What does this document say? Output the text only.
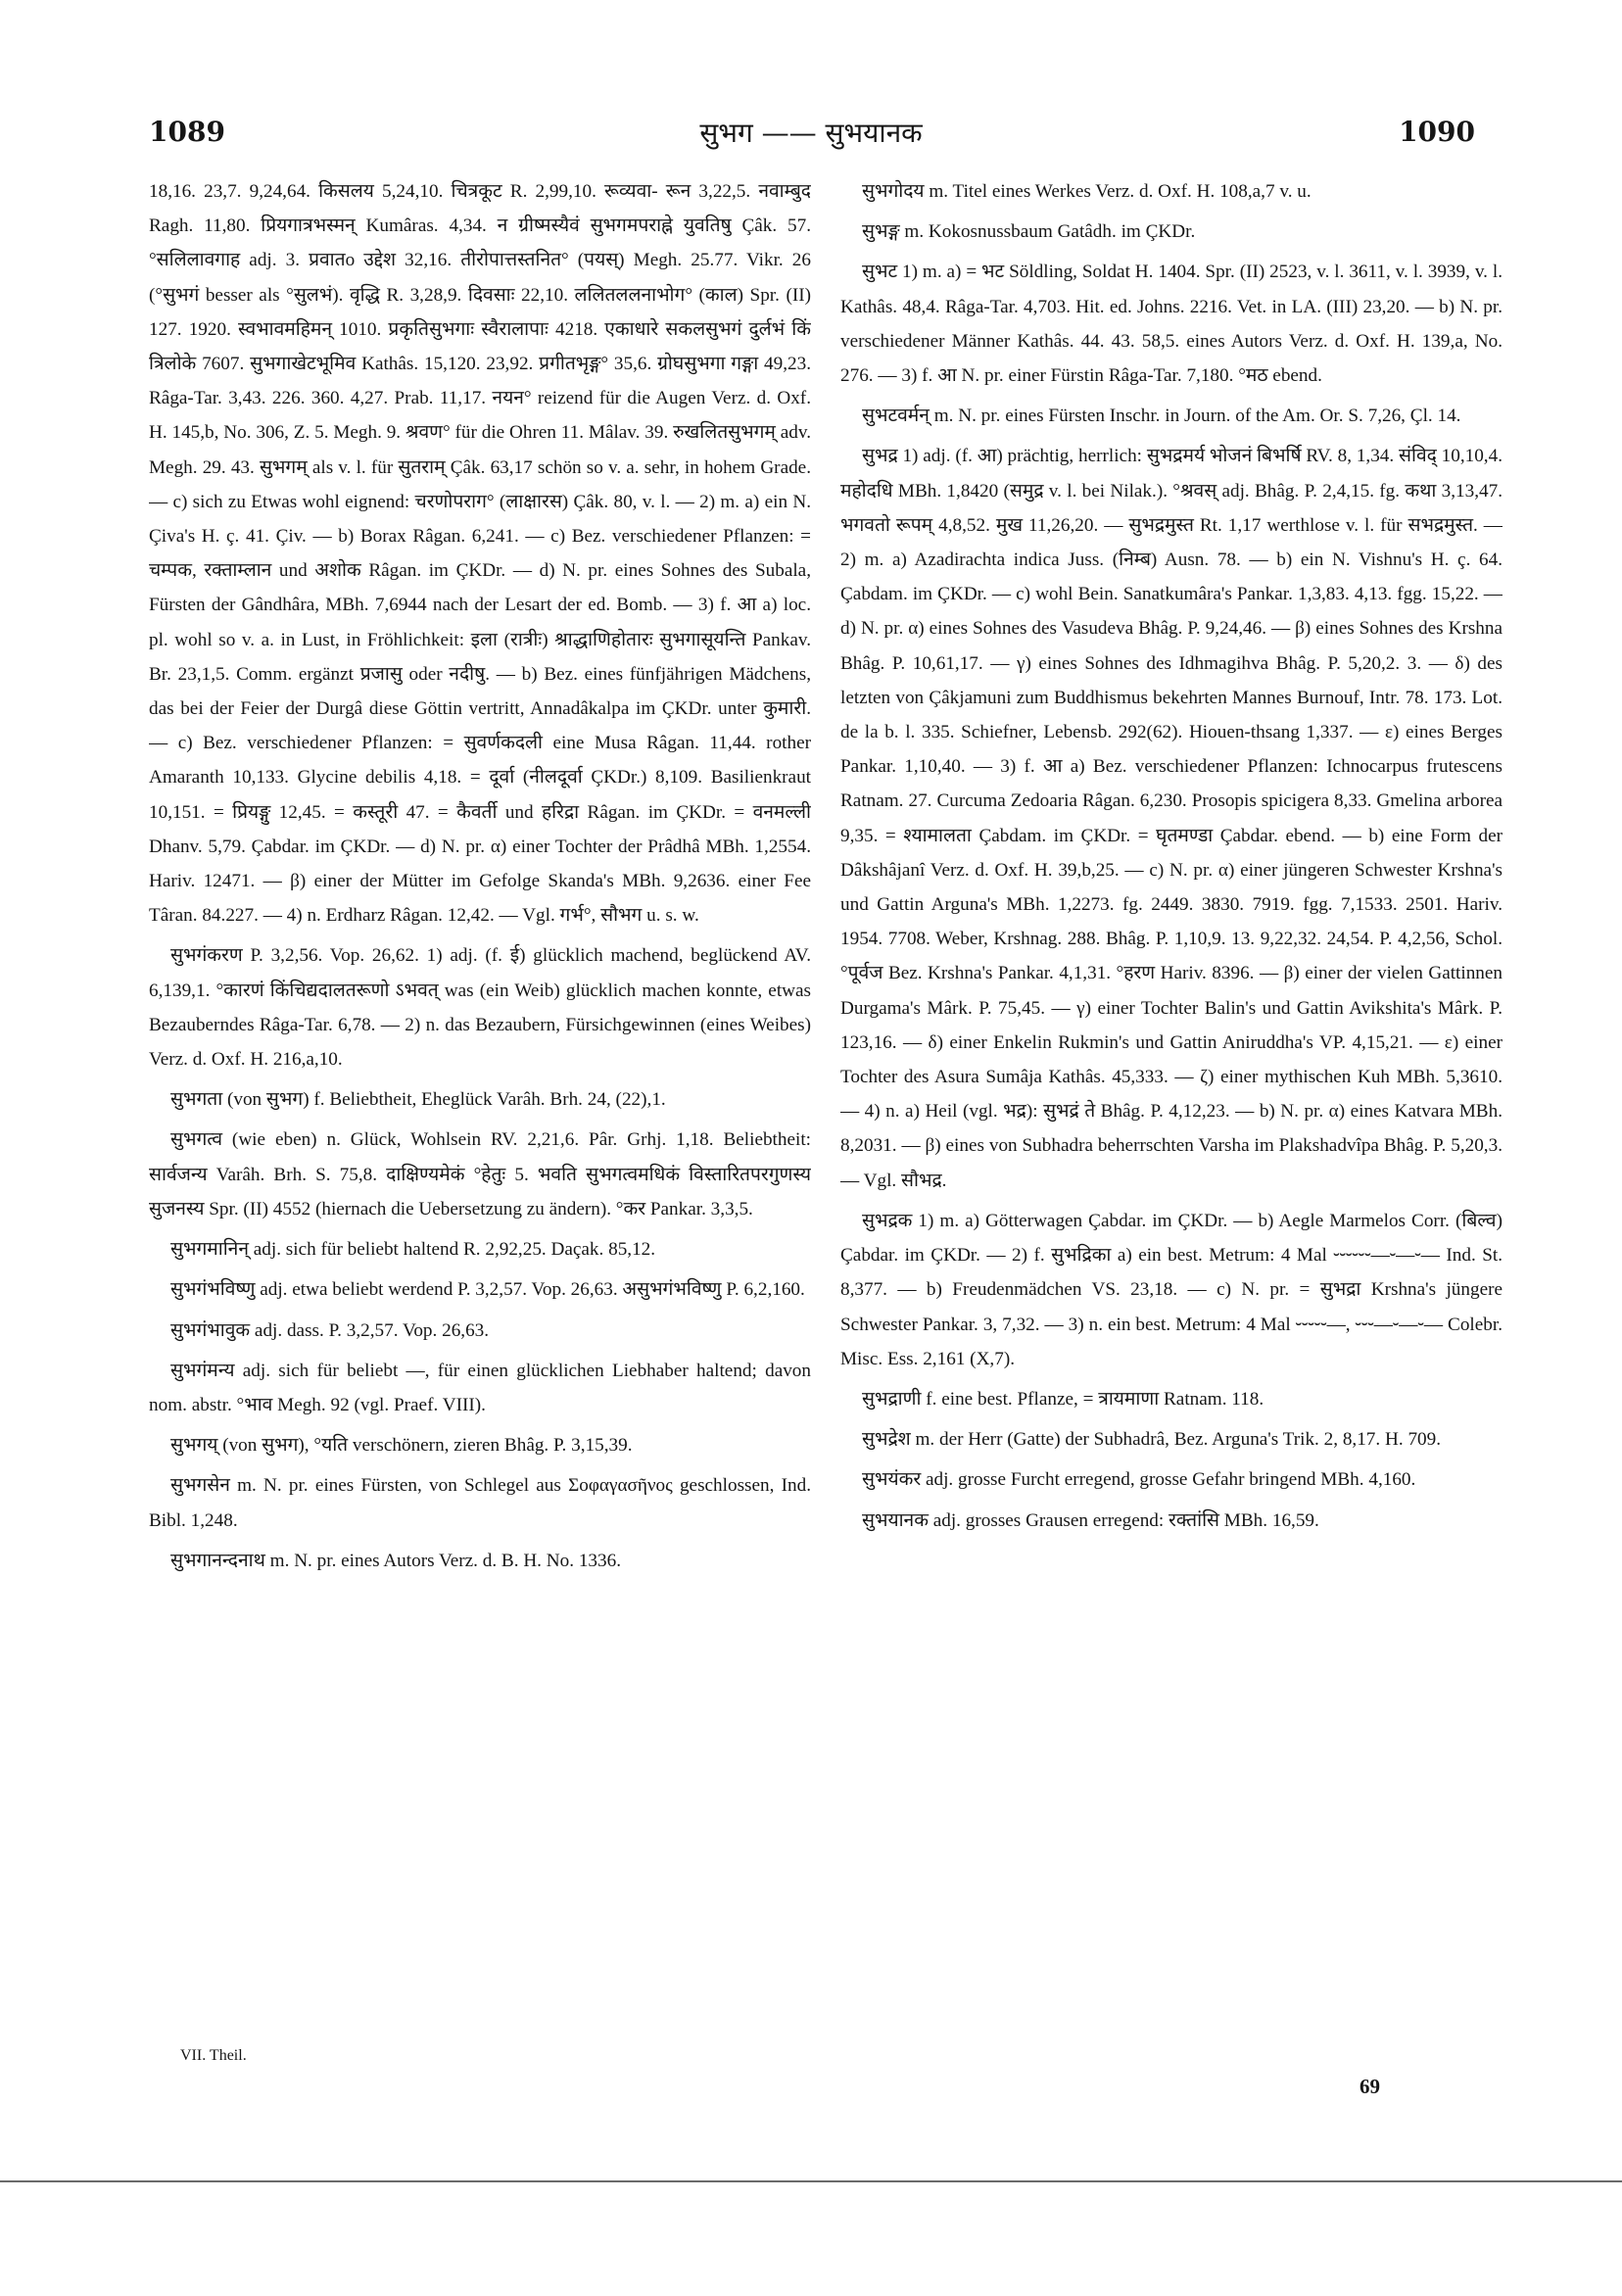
1089	सुभग —— सुभयानक	1090

18,16. 23,7. 9,24,64. किसलय 5,24,10. चित्रकूट R. 2,99,10. रूव्यवा- रून 3,22,5. नवाम्बुद Ragh. 11,80. प्रियगात्रभस्मन् Kumâras. 4,34. न ग्रीष्मस्यैवं सुभगमपराह्ने युवतिषु Çâk. 57. °सलिलावगाह adj. 3. प्रवातo उद्देश 32,16. तीरोपात्तस्तनित° (पयस्) Megh. 25.77. Vikr. 26 (°सुभगं besser als °सुलभं). वृद्धि R. 3,28,9. दिवसाः 22,10. ललितललनाभोग° (काल) Spr. (II) 127. 1920. स्वभावमहिमन् 1010. प्रकृतिसुभगाः स्वैरालापाः 4218. एकाधारे सकलसुभगं दुर्लभं किं त्रिलोके 7607. सुभगाखेटभूमिव Kathâs. 15,120. 23,92. प्रगीतभृङ्ग° 35,6. ग्रोघसुभगा गङ्गा 49,23. Râga-Tar. 3,43. 226. 360. 4,27. Prab. 11,17. नयन° reizend für die Augen Verz. d. Oxf. H. 145,b, No. 306, Z. 5. Megh. 9. श्रवण° für die Ohren 11. Mâlav. 39. रुखलितसुभगम् adv. Megh. 29. 43. सुभगम् als v. l. für सुतराम् Çâk. 63,17 schön so v. a. sehr, in hohem Grade. — c) sich zu Etwas wohl eignend: चरणोपराग° (लाक्षारस) Çâk. 80, v. l. — 2) m. a) ein N. Çiva's H. ç. 41. Çiv. — b) Borax Râgan. 6,241. — c) Bez. verschiedener Pflanzen: = चम्पक, रक्ताम्लान und अशोक Râgan. im ÇKDr. — d) N. pr. eines Sohnes des Subala, Fürsten der Gândhâra, MBh. 7,6944 nach der Lesart der ed. Bomb. — 3) f. आ a) loc. pl. wohl so v. a. in Lust, in Fröhlichkeit: इला (रात्रीः) श्राद्धाणिहोतारः सुभगासूयन्ति Pankav. Br. 23,1,5. Comm. ergänzt प्रजासु oder नदीषु. — b) Bez. eines fünfjährigen Mädchens, das bei der Feier der Durgâ diese Göttin vertritt, Annadâkalpa im ÇKDr. unter कुमारी. — c) Bez. verschiedener Pflanzen: = सुवर्णकदली eine Musa Râgan. 11,44. rother Amaranth 10,133. Glycine debilis 4,18. = दूर्वा (नीलदूर्वा ÇKDr.) 8,109. Basilienkraut 10,151. = प्रियङ्गु 12,45. = कस्तूरी 47. = कैवर्ती und हरिद्रा Râgan. im ÇKDr. = वनमल्ली Dhanv. 5,79. Çabdar. im ÇKDr. — d) N. pr. α) einer Tochter der Prâdhâ MBh. 1,2554. Hariv. 12471. — β) einer der Mütter im Gefolge Skanda's MBh. 9,2636. einer Fee Târan. 84.227. — 4) n. Erdharz Râgan. 12,42. — Vgl. गर्भ°, सौभग u. s. w.

सुभगंकरण P. 3,2,56. Vop. 26,62. 1) adj. (f. ई) glücklich machend, beglückend AV. 6,139,1. °कारणं किंचिद्यदालतरूणो ऽभवत् was (ein Weib) glücklich machen konnte, etwas Bezauberndes Râga-Tar. 6,78. — 2) n. das Bezaubern, Fürsichgewinnen (eines Weibes) Verz. d. Oxf. H. 216,a,10.

सुभगता (von सुभग) f. Beliebtheit, Eheglück Varâh. Brh. 24, (22),1.

सुभगत्व (wie eben) n. Glück, Wohlsein RV. 2,21,6. Pâr. Grhj. 1,18. Beliebtheit: सार्वजन्य Varâh. Brh. S. 75,8. दाक्षिण्यमेकं °हेतुः 5. भवति सुभगत्वमधिकं विस्तारितपरगुणस्य सुजनस्य Spr. (II) 4552 (hiernach die Uebersetzung zu ändern). °कर Pankar. 3,3,5.

सुभगमानिन् adj. sich für beliebt haltend R. 2,92,25. Daçak. 85,12.

सुभगंभविष्णु adj. etwa beliebt werdend P. 3,2,57. Vop. 26,63. असुभगंभविष्णु P. 6,2,160.

सुभगंभावुक adj. dass. P. 3,2,57. Vop. 26,63.

सुभगंमन्य adj. sich für beliebt —, für einen glücklichen Liebhaber haltend; davon nom. abstr. °भाव Megh. 92 (vgl. Praef. VIII).

सुभगय् (von सुभग), °यति verschönern, zieren Bhâg. P. 3,15,39.

सुभगसेन m. N. pr. eines Fürsten, von Schlegel aus Σοφαγασῆνος geschlossen, Ind. Bibl. 1,248.

सुभगानन्दनाथ m. N. pr. eines Autors Verz. d. B. H. No. 1336.

सुभगोदय m. Titel eines Werkes Verz. d. Oxf. H. 108,a,7 v. u.

सुभङ्ग m. Kokosnussbaum Gatâdh. im ÇKDr.

सुभट 1) m. a) = भट Söldling, Soldat H. 1404. Spr. (II) 2523, v. l. 3611, v. l. 3939, v. l. Kathâs. 48,4. Râga-Tar. 4,703. Hit. ed. Johns. 2216. Vet. in LA. (III) 23,20. — b) N. pr. verschiedener Männer Kathâs. 44. 43. 58,5. eines Autors Verz. d. Oxf. H. 139,a, No. 276. — 3) f. आ N. pr. einer Fürstin Râga-Tar. 7,180. °मठ ebend.

सुभटवर्मन् m. N. pr. eines Fürsten Inschr. in Journ. of the Am. Or. S. 7,26, Çl. 14.

सुभद्र 1) adj. (f. आ) prächtig, herrlich: सुभद्रमर्य भोजनं बिभर्षि RV. 8, 1,34. संविद् 10,10,4. महोदधि MBh. 1,8420 (समुद्र v. l. bei Nilak.). °श्रवस् adj. Bhâg. P. 2,4,15. fg. कथा 3,13,47. भगवतो रूपम् 4,8,52. मुख 11,26,20. — सुभद्रमुस्त Rt. 1,17 werthlose v. l. für सभद्रमुस्त. — 2) m. a) Azadirachta indica Juss. (निम्ब) Ausn. 78. — b) ein N. Vishnu's H. ç. 64. Çabdam. im ÇKDr. — c) wohl Bein. Sanatkumâra's Pankar. 1,3,83. 4,13. fgg. 15,22. — d) N. pr. α) eines Sohnes des Vasudeva Bhâg. P. 9,24,46. — β) eines Sohnes des Krshna Bhâg. P. 10,61,17. — γ) eines Sohnes des Idhmagihva Bhâg. P. 5,20,2. 3. — δ) des letzten von Çâkjamuni zum Buddhismus bekehrten Mannes Burnouf, Intr. 78. 173. Lot. de la b. l. 335. Schiefner, Lebensb. 292(62). Hiouen-thsang 1,337. — ε) eines Berges Pankar. 1,10,40. — 3) f. आ a) Bez. verschiedener Pflanzen: Ichnocarpus frutescens Ratnam. 27. Curcuma Zedoaria Râgan. 6,230. Prosopis spicigera 8,33. Gmelina arborea 9,35. = श्यामालता Çabdam. im ÇKDr. = घृतमण्डा Çabdar. ebend. — b) eine Form der Dâkshâjanî Verz. d. Oxf. H. 39,b,25. — c) N. pr. α) einer jüngeren Schwester Krshna's und Gattin Arguna's MBh. 1,2273. fg. 2449. 3830. 7919. fgg. 7,1533. 2501. Hariv. 1954. 7708. Weber, Krshnag. 288. Bhâg. P. 1,10,9. 13. 9,22,32. 24,54. P. 4,2,56, Schol. °पूर्वज Bez. Krshna's Pankar. 4,1,31. °हरण Hariv. 8396. — β) einer der vielen Gattinnen Durgama's Mârk. P. 75,45. — γ) einer Tochter Balin's und Gattin Avikshita's Mârk. P. 123,16. — δ) einer Enkelin Rukmin's und Gattin Aniruddha's VP. 4,15,21. — ε) einer Tochter des Asura Sumâja Kathâs. 45,333. — ζ) einer mythischen Kuh MBh. 5,3610. — 4) n. a) Heil (vgl. भद्र): सुभद्रं ते Bhâg. P. 4,12,23. — b) N. pr. α) eines Katvara MBh. 8,2031. — β) eines von Subhadra beherrschten Varsha im Plakshadvîpa Bhâg. P. 5,20,3. — Vgl. सौभद्र.

सुभद्रक 1) m. a) Götterwagen Çabdar. im ÇKDr. — b) Aegle Marmelos Corr. (बिल्व) Çabdar. im ÇKDr. — 2) f. सुभद्रिका a) ein best. Metrum: 4 Mal ⏑⏑⏑⏑⏑⏑—⏑—⏑— Ind. St. 8,377. — b) Freudenmädchen VS. 23,18. — c) N. pr. = सुभद्रा Krshna's jüngere Schwester Pankar. 3, 7,32. — 3) n. ein best. Metrum: 4 Mal ⏑⏑⏑⏑⏑—, ⏑⏑⏑—⏑—⏑— Colebr. Misc. Ess. 2,161 (X,7).

सुभद्राणी f. eine best. Pflanze, = त्रायमाणा Ratnam. 118.

सुभद्रेश m. der Herr (Gatte) der Subhadrâ, Bez. Arguna's Trik. 2, 8,17. H. 709.

सुभयंकर adj. grosse Furcht erregend, grosse Gefahr bringend MBh. 4,160.

सुभयानक adj. grosses Grausen erregend: रक्तांसि MBh. 16,59.

VII. Theil.
69
